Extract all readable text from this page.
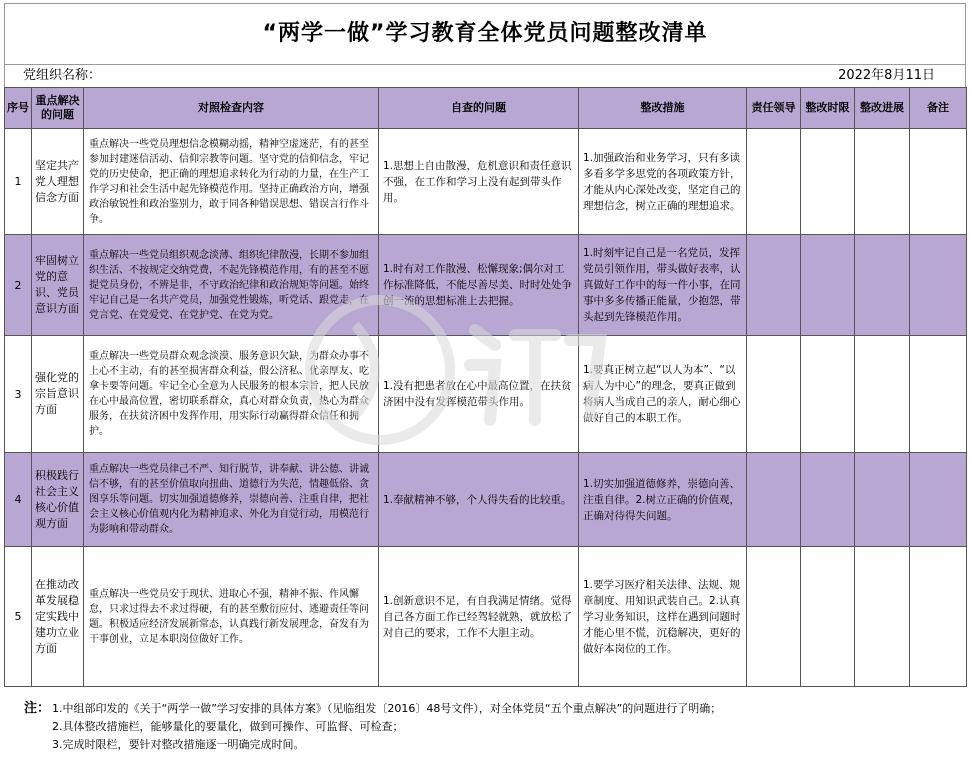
“两学一做”学习教育全体党员问题整改清单
党组织名称：	2022年8月11日
序号	重点解决的问题	对照检查内容	自查的问题	整改措施	责任领导	整改时限	整改进展	备注
1	坚定共产党人理想信念方面	重点解决一些党员理想信念模糊动摇，精神空虚迷茫，有的甚至参加封建迷信活动、信仰宗教等问题。坚守党的信仰信念，牢记党的历史使命，把正确的理想追求转化为行动的力量，在生产工作学习和社会生活中起先锋模范作用。坚持正确政治方向，增强政治敏锐性和政治鉴别力，敢于同各种错误思想、错误言行作斗争。	1.思想上自由散漫，危机意识和责任意识不强，在工作和学习上没有起到带头作用。	1.加强政治和业务学习，只有多读多看多学多思党的各项政策方针，才能从内心深处改变，坚定自己的理想信念，树立正确的理想追求。				
2	牢固树立党的意识、党员意识方面	重点解决一些党员组织观念淡薄、组织纪律散漫，长期不参加组织生活、不按规定交纳党费，不起先锋模范作用，有的甚至不愿提党员身份，不辨是非，不守政治纪律和政治规矩等问题。始终牢记自己是一名共产党员，加强党性锻炼，听党话、跟党走，在党言党、在党爱党、在党护党、在党为党。	1.时有对工作散漫、松懈现象;偶尔对工作标准降低，不能尽善尽美、时时处处争创一流的思想标准上去把握。	1.时刻牢记自己是一名党员，发挥党员引领作用，带头做好表率，认真做好工作中的每一件小事，在同事中多多传播正能量，少抱怨，带头起到先锋模范作用。				
3	强化党的宗旨意识方面	重点解决一些党员群众观念淡漠、服务意识欠缺，为群众办事不上心不主动，有的甚至损害群众利益，假公济私、优亲厚友、吃拿卡要等问题。牢记全心全意为人民服务的根本宗旨，把人民放在心中最高位置，密切联系群众，真心对群众负责，热心为群众服务，在扶贫济困中发挥作用，用实际行动赢得群众信任和拥护。	1.没有把患者放在心中最高位置，在扶贫济困中没有发挥模范带头作用。	1.要真正树立起“以人为本”、“以病人为中心”的理念，要真正做到将病人当成自己的亲人，耐心细心做好自己的本职工作。				
4	积极践行社会主义核心价值观方面	重点解决一些党员律己不严、知行脱节，讲奉献、讲公德、讲诚信不够，有的甚至价值取向扭曲、道德行为失范，情趣低俗、贪图享乐等问题。切实加强道德修养，崇德向善、注重自律，把社会主义核心价值观内化为精神追求、外化为自觉行动，用模范行为影响和带动群众。	1.奉献精神不够，个人得失看的比较重。	1.切实加强道德修养，崇德向善、注重自律。2.树立正确的价值观，正确对待得失问题。				
5	在推动改革发展稳定实践中建功立业方面	重点解决一些党员安于现状、进取心不强，精神不振、作风懈怠，只求过得去不求过得硬，有的甚至敷衍应付、逃避责任等问题。积极适应经济发展新常态，认真践行新发展理念，奋发有为干事创业，立足本职岗位做好工作。	1.创新意识不足，有自我满足情绪。觉得自己各方面工作已经驾轻就熟，就放松了对自己的要求，工作不大胆主动。	1.要学习医疗相关法律、法规、规章制度、用知识武装自己。2.认真学习业务知识，这样在遇到问题时才能心里不慌，沉稳解决，更好的做好本岗位的工作。				
注： 1.中组部印发的《关于“两学一做”学习安排的具体方案》（见临组发〔2016〕48号文件），对全体党员“五个重点解决”的问题进行了明确；
2.具体整改措施栏，能够量化的要量化，做到可操作、可监督、可检查；
3.完成时限栏，要针对整改措施逐一明确完成时间。
